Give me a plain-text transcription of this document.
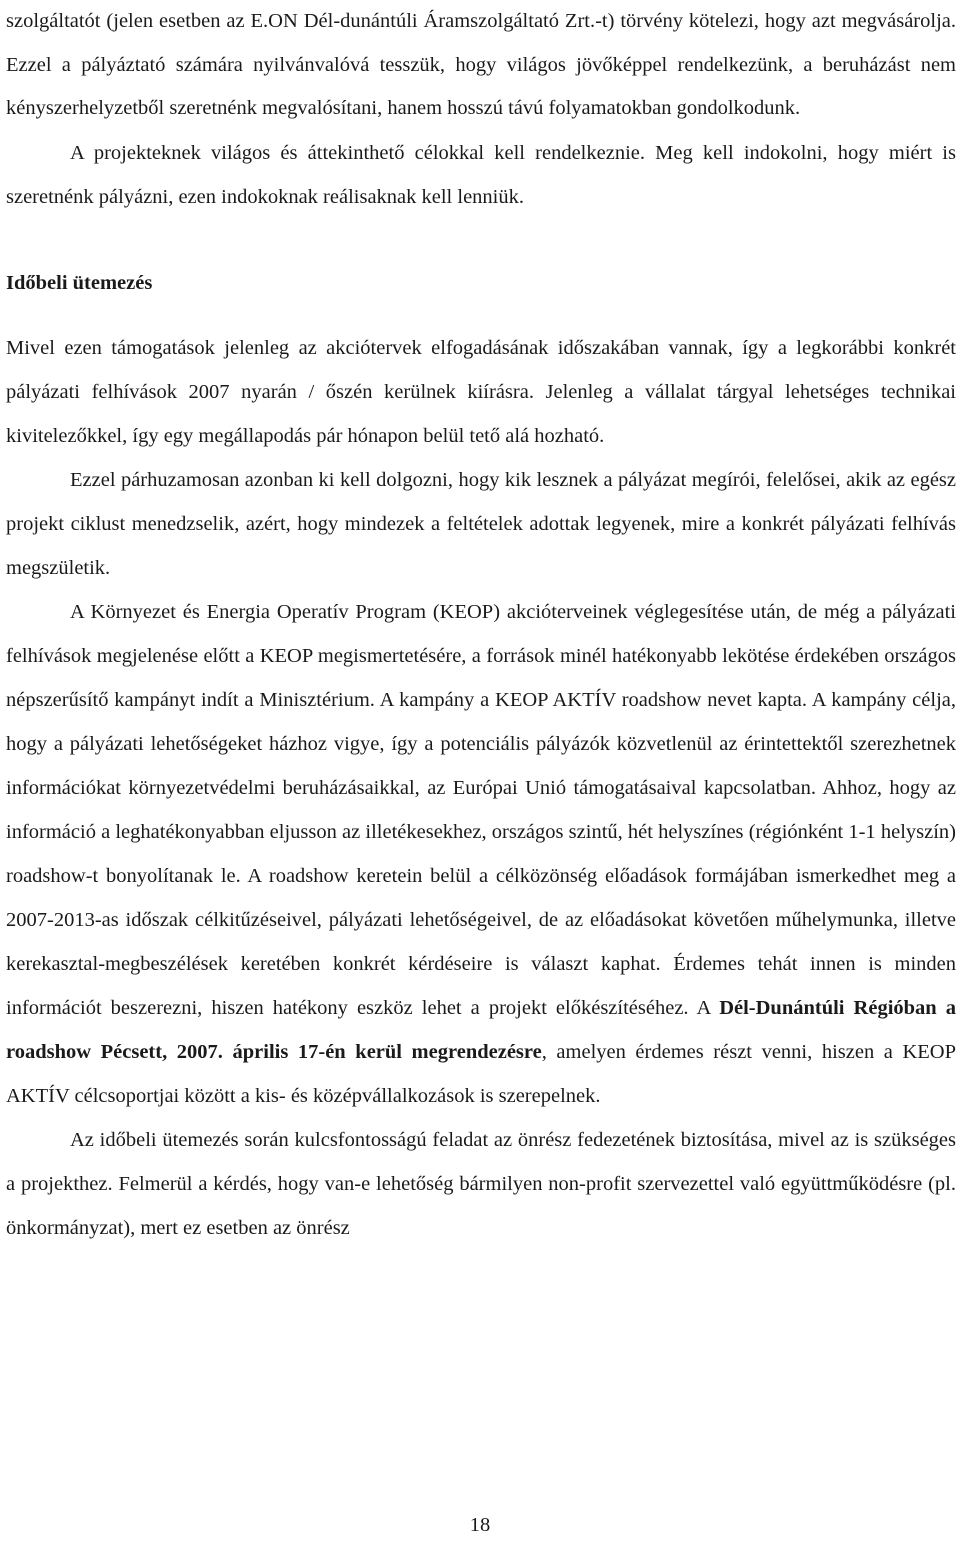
szolgáltatót (jelen esetben az E.ON Dél-dunántúli Áramszolgáltató Zrt.-t) törvény kötelezi, hogy azt megvásárolja. Ezzel a pályáztató számára nyilvánvalóvá tesszük, hogy világos jövőképpel rendelkezünk, a beruházást nem kényszerhelyzetből szeretnénk megvalósítani, hanem hosszú távú folyamatokban gondolkodunk.

A projekteknek világos és áttekinthető célokkal kell rendelkeznie. Meg kell indokolni, hogy miért is szeretnénk pályázni, ezen indokoknak reálisaknak kell lenniük.

Időbeli ütemezés

Mivel ezen támogatások jelenleg az akciótervek elfogadásának időszakában vannak, így a legkorábbi konkrét pályázati felhívások 2007 nyarán / őszén kerülnek kiírásra. Jelenleg a vállalat tárgyal lehetséges technikai kivitelezőkkel, így egy megállapodás pár hónapon belül tető alá hozható.

Ezzel párhuzamosan azonban ki kell dolgozni, hogy kik lesznek a pályázat megírói, felelősei, akik az egész projekt ciklust menedzselik, azért, hogy mindezek a feltételek adottak legyenek, mire a konkrét pályázati felhívás megszületik.

A Környezet és Energia Operatív Program (KEOP) akcióterveinek véglegesítése után, de még a pályázati felhívások megjelenése előtt a KEOP megismertetésére, a források minél hatékonyabb lekötése érdekében országos népszerűsítő kampányt indít a Minisztérium. A kampány a KEOP AKTÍV roadshow nevet kapta. A kampány célja, hogy a pályázati lehetőségeket házhoz vigye, így a potenciális pályázók közvetlenül az érintettektől szerezhetnek információkat környezetvédelmi beruházásaikkal, az Európai Unió támogatásaival kapcsolatban. Ahhoz, hogy az információ a leghatékonyabban eljusson az illetékesekhez, országos szintű, hét helyszínes (régiónként 1-1 helyszín) roadshow-t bonyolítanak le. A roadshow keretein belül a célközönség előadások formájában ismerkedhet meg a 2007-2013-as időszak célkitűzéseivel, pályázati lehetőségeivel, de az előadásokat követően műhelymunka, illetve kerekasztal-megbeszélések keretében konkrét kérdéseire is választ kaphat. Érdemes tehát innen is minden információt beszerezni, hiszen hatékony eszköz lehet a projekt előkészítéséhez. A Dél-Dunántúli Régióban a roadshow Pécsett, 2007. április 17-én kerül megrendezésre, amelyen érdemes részt venni, hiszen a KEOP AKTÍV célcsoportjai között a kis- és középvállalkozások is szerepelnek.

Az időbeli ütemezés során kulcsfontosságú feladat az önrész fedezetének biztosítása, mivel az is szükséges a projekthez. Felmerül a kérdés, hogy van-e lehetőség bármilyen non-profit szervezettel való együttműködésre (pl. önkormányzat), mert ez esetben az önrész

18
